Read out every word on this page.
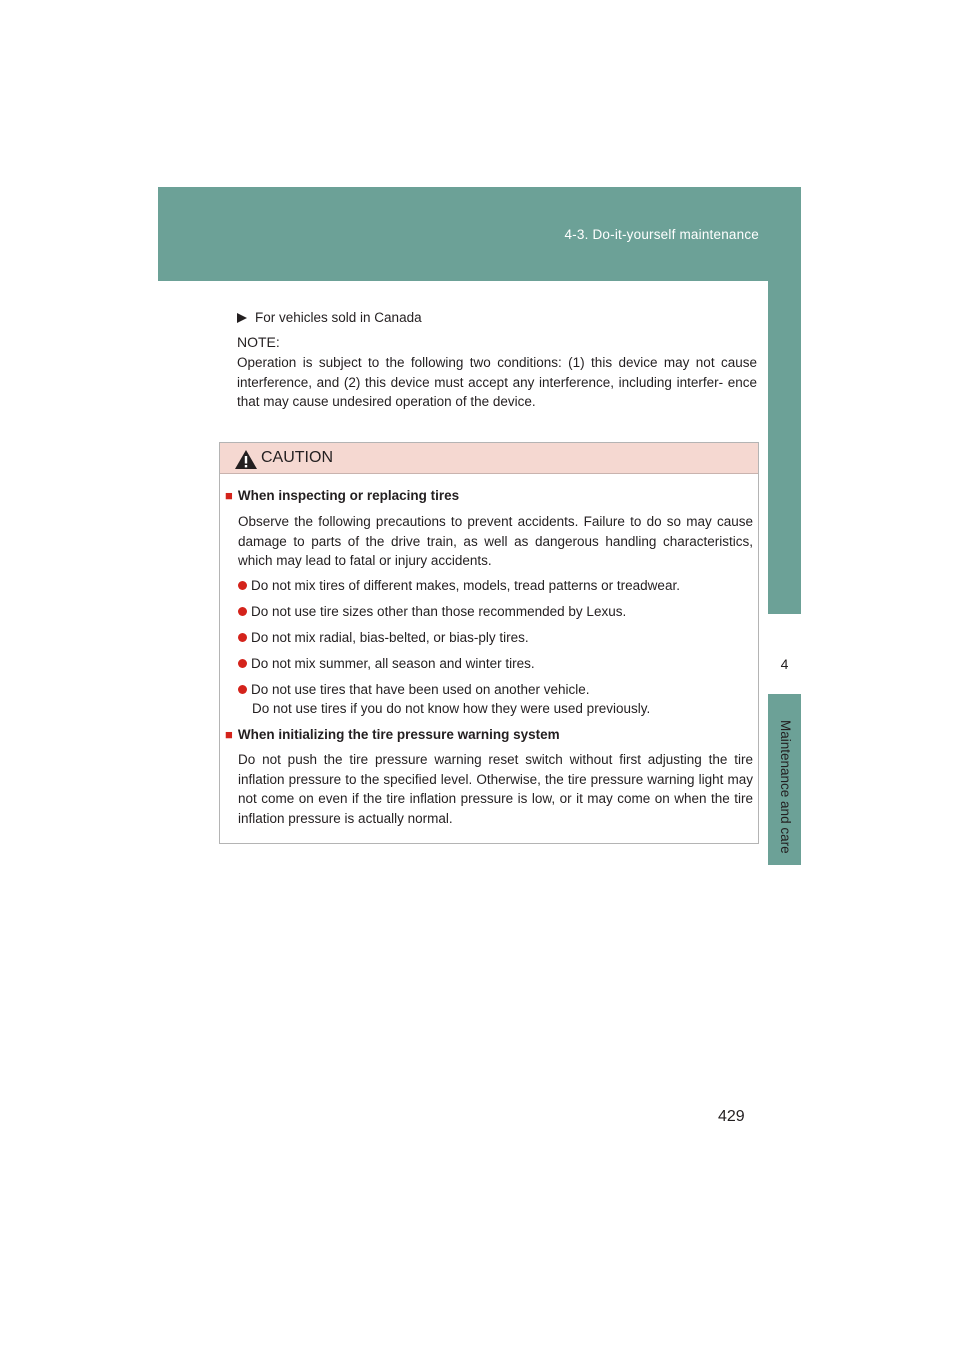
4-3. Do-it-yourself maintenance
4
Maintenance and care
For vehicles sold in Canada
NOTE:
Operation is subject to the following two conditions: (1) this device may not cause interference, and (2) this device must accept any interference, including interfer- ence that may cause undesired operation of the device.
CAUTION
■ When inspecting or replacing tires
Observe the following precautions to prevent accidents. Failure to do so may cause damage to parts of the drive train, as well as dangerous handling characteristics, which may lead to fatal or injury accidents.
Do not mix tires of different makes, models, tread patterns or treadwear.
Do not use tire sizes other than those recommended by Lexus.
Do not mix radial, bias-belted, or bias-ply tires.
Do not mix summer, all season and winter tires.
Do not use tires that have been used on another vehicle.
Do not use tires if you do not know how they were used previously.
■ When initializing the tire pressure warning system
Do not push the tire pressure warning reset switch without first adjusting the tire inflation pressure to the specified level. Otherwise, the tire pressure warning light may not come on even if the tire inflation pressure is low, or it may come on when the tire inflation pressure is actually normal.
429
